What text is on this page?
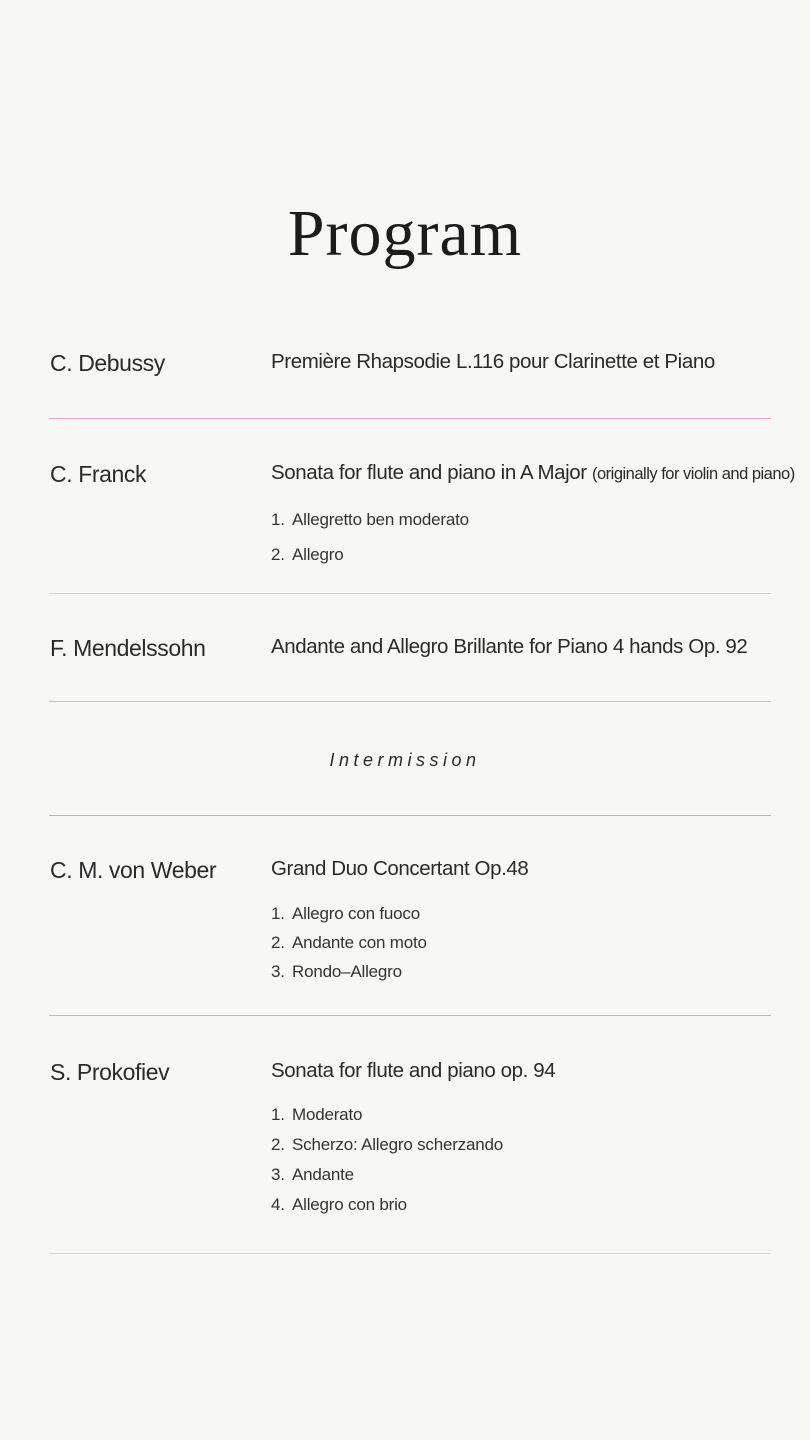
Program
C. Debussy	Première Rhapsodie L.116 pour Clarinette et Piano
C. Franck	Sonata for flute and piano in A Major (originally for violin and piano)
1. Allegretto ben moderato
2. Allegro
F. Mendelssohn	Andante and Allegro Brillante for Piano 4 hands Op. 92
Intermission
C. M. von Weber	Grand Duo Concertant Op.48
1. Allegro con fuoco
2. Andante con moto
3. Rondo–Allegro
S. Prokofiev	Sonata for flute and piano op. 94
1. Moderato
2. Scherzo: Allegro scherzando
3. Andante
4. Allegro con brio
